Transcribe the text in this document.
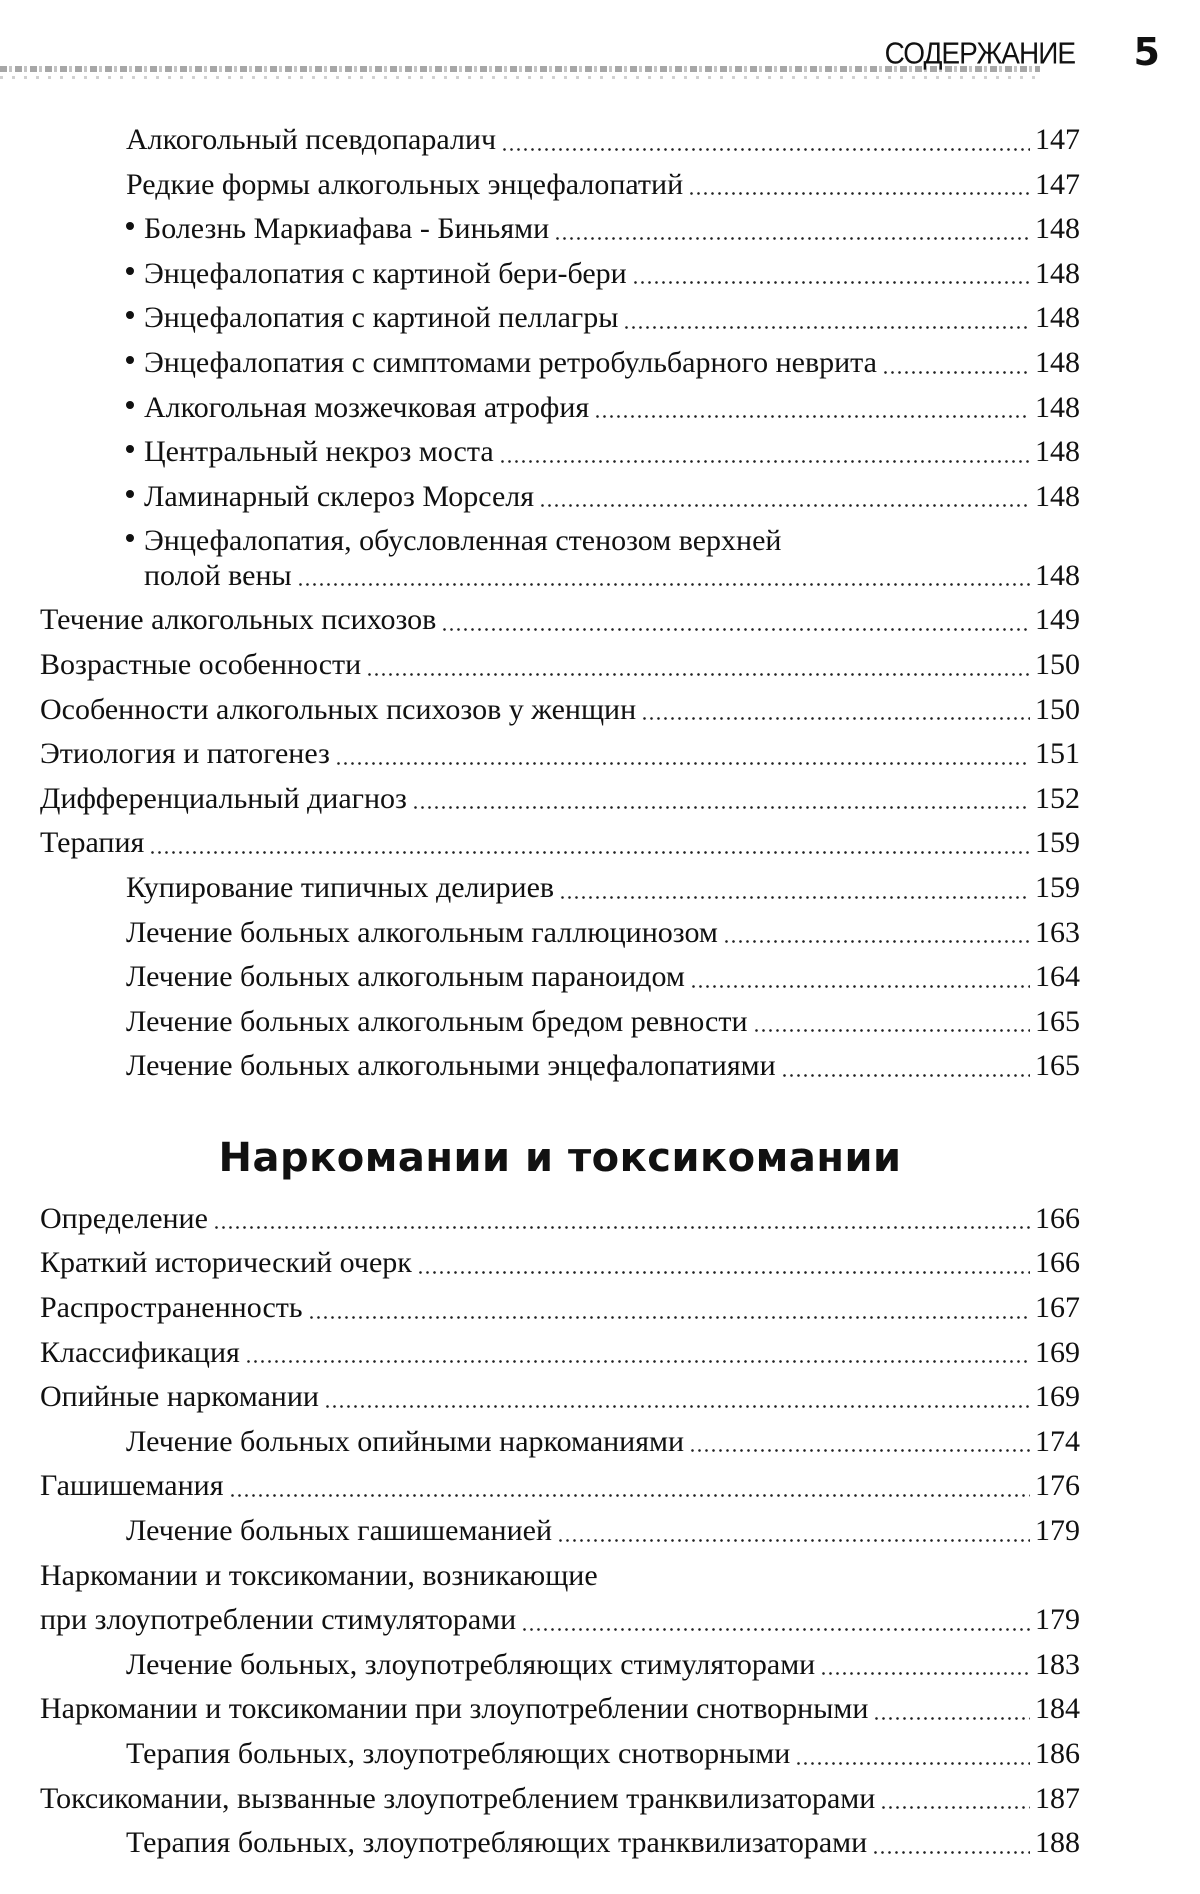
СОДЕРЖАНИЕ 5
Алкогольный псевдопаралич	147
Редкие формы алкогольных энцефалопатий	147
Болезнь Маркиафава - Биньями	148
Энцефалопатия с картиной бери-бери	148
Энцефалопатия с картиной пеллагры	148
Энцефалопатия с симптомами ретробульбарного неврита	148
Алкогольная мозжечковая атрофия	148
Центральный некроз моста	148
Ламинарный склероз Морселя	148
Энцефалопатия, обусловленная стенозом верхней
полой вены	148
Течение алкогольных психозов	149
Возрастные особенности	150
Особенности алкогольных психозов у женщин	150
Этиология и патогенез	151
Дифференциальный диагноз	152
Терапия	159
Купирование типичных делириев	159
Лечение больных алкогольным галлюцинозом	163
Лечение больных алкогольным параноидом	164
Лечение больных алкогольным бредом ревности	165
Лечение больных алкогольными энцефалопатиями	165
Наркомании и токсикомании
Определение	166
Краткий исторический очерк	166
Распространенность	167
Классификация	169
Опийные наркомании	169
Лечение больных опийными наркоманиями	174
Гашишемания	176
Лечение больных гашишеманией	179
Наркомании и токсикомании, возникающие
при злоупотреблении стимуляторами	179
Лечение больных, злоупотребляющих стимуляторами	183
Наркомании и токсикомании при злоупотреблении снотворными	184
Терапия больных, злоупотребляющих снотворными	186
Токсикомании, вызванные злоупотреблением транквилизаторами	187
Терапия больных, злоупотребляющих транквилизаторами	188
